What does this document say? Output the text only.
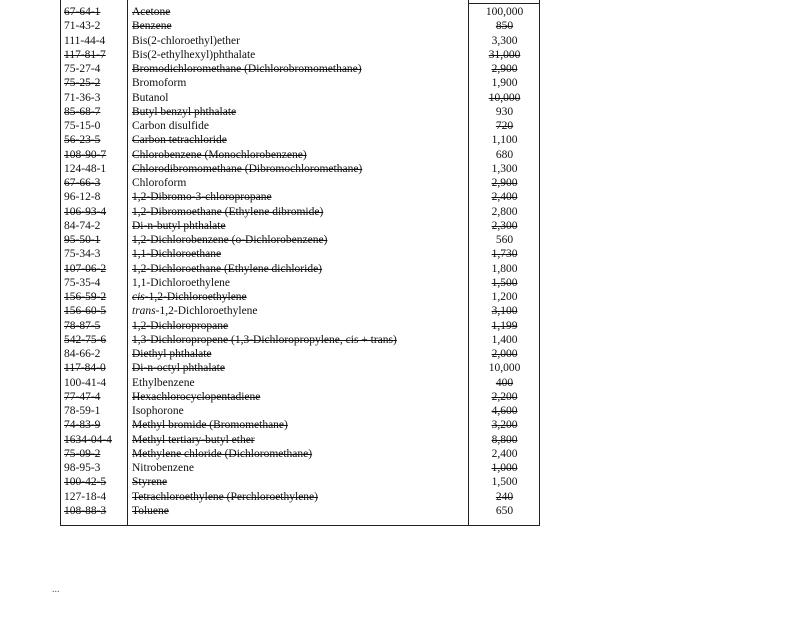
67-64-1	Acetone	100,000
71-43-2	Benzene	850
111-44-4	Bis(2-chloroethyl)ether	3,300
117-81-7	Bis(2-ethylhexyl)phthalate	31,000
75-27-4	Bromodichloromethane (Dichlorobromomethane)	2,900
75-25-2	Bromoform	1,900
71-36-3	Butanol	10,000
85-68-7	Butyl benzyl phthalate	930
75-15-0	Carbon disulfide	720
56-23-5	Carbon tetrachloride	1,100
108-90-7	Chlorobenzene (Monochlorobenzene)	680
124-48-1	Chlorodibromomethane (Dibromochloromethane)	1,300
67-66-3	Chloroform	2,900
96-12-8	1,2-Dibromo-3-chloropropane	2,400
106-93-4	1,2-Dibromoethane (Ethylene dibromide)	2,800
84-74-2	Di-n-butyl phthalate	2,300
95-50-1	1,2-Dichlorobenzene (o-Dichlorobenzene)	560
75-34-3	1,1-Dichloroethane	1,730
107-06-2	1,2-Dichloroethane (Ethylene dichloride)	1,800
75-35-4	1,1-Dichloroethylene	1,500
156-59-2	cis-1,2-Dichloroethylene	1,200
156-60-5	trans-1,2-Dichloroethylene	3,100
78-87-5	1,2-Dichloropropane	1,199
542-75-6	1,3-Dichloropropene (1,3-Dichloropropylene, cis + trans)	1,400
84-66-2	Diethyl phthalate	2,000
117-84-0	Di-n-octyl phthalate	10,000
100-41-4	Ethylbenzene	400
77-47-4	Hexachlorocyclopentadiene	2,200
78-59-1	Isophorone	4,600
74-83-9	Methyl bromide (Bromomethane)	3,200
1634-04-4	Methyl tertiary-butyl ether	8,800
75-09-2	Methylene chloride (Dichloromethane)	2,400
98-95-3	Nitrobenzene	1,000
100-42-5	Styrene	1,500
127-18-4	Tetrachloroethylene (Perchloroethylene)	240
108-88-3	Toluene	650
...
